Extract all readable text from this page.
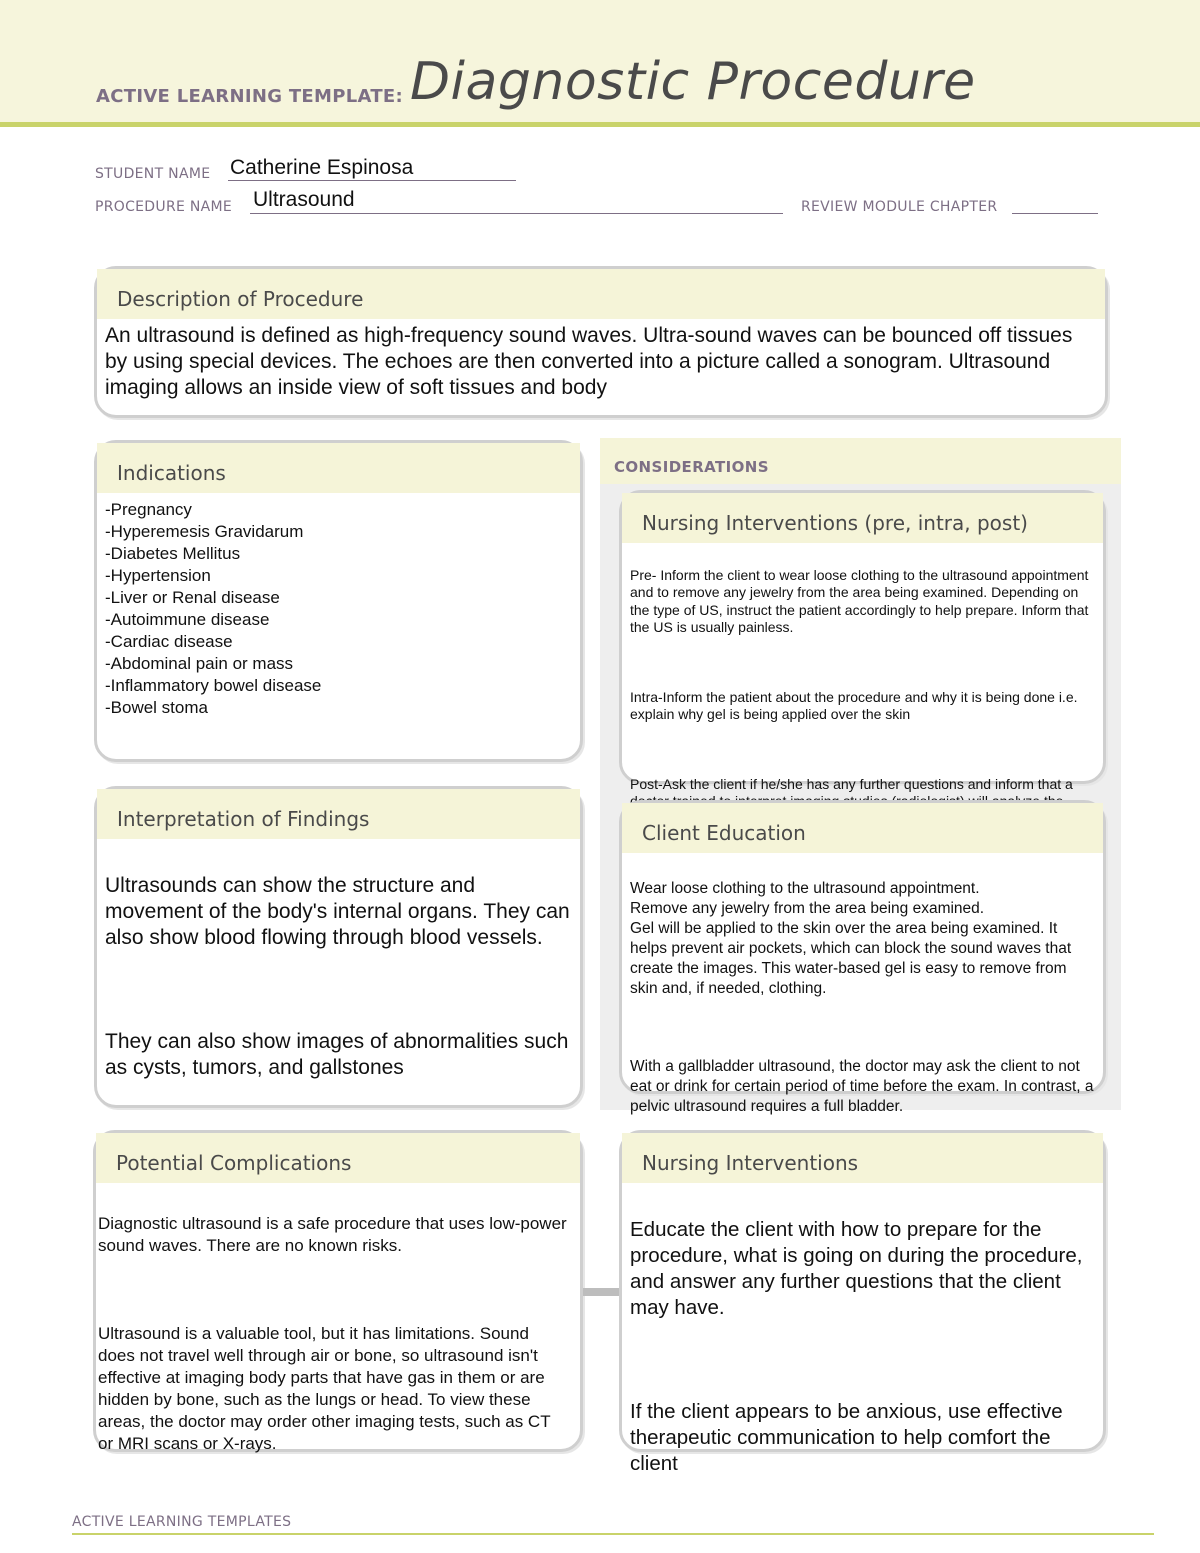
ACTIVE LEARNING TEMPLATE: Diagnostic Procedure
STUDENT NAME Catherine Espinosa
PROCEDURE NAME Ultrasound	REVIEW MODULE CHAPTER
Description of Procedure
An ultrasound is defined as high-frequency sound waves. Ultra-sound waves can be bounced off tissues by using special devices. The echoes are then converted into a picture called a sonogram. Ultrasound imaging allows an inside view of soft tissues and body
Indications
-Pregnancy
-Hyperemesis Gravidarum
-Diabetes Mellitus
-Hypertension
-Liver or Renal disease
-Autoimmune disease
-Cardiac disease
-Abdominal pain or mass
-Inflammatory bowel disease
-Bowel stoma
CONSIDERATIONS
Nursing Interventions (pre, intra, post)

Pre- Inform the client to wear loose clothing to the ultrasound appointment and to remove any jewelry from the area being examined. Depending on the type of US, instruct the patient accordingly to help prepare. Inform that the US is usually painless.

Intra-Inform the patient about the procedure and why it is being done i.e. explain why gel is being applied over the skin

Post-Ask the client if he/she has any further questions and inform that a

Interpretation of Findings

Ultrasounds can show the structure and movement of the body's internal organs. They can also show blood flowing through blood vessels.

They can also show images of abnormalities such as cysts, tumors, and gallstones

Client Education

Wear loose clothing to the ultrasound appointment.
Remove any jewelry from the area being examined.
Gel will be applied to the skin over the area being examined. It helps prevent air pockets, which can block the sound waves that create the images. This water-based gel is easy to remove from skin and, if needed, clothing.

With a gallbladder ultrasound, the doctor may ask the client to not eat or drink for certain period of time before the exam. In contrast, a pelvic ultrasound requires a full bladder.

Potential Complications

Diagnostic ultrasound is a safe procedure that uses low-power sound waves. There are no known risks.

Ultrasound is a valuable tool, but it has limitations. Sound does not travel well through air or bone, so ultrasound isn't effective at imaging body parts that have gas in them or are hidden by bone, such as the lungs or head. To view these areas, the doctor may order other imaging tests, such as CT or MRI scans or X-rays.

Nursing Interventions

Educate the client with how to prepare for the procedure, what is going on during the procedure, and answer any further questions that the client may have.

If the client appears to be anxious, use effective therapeutic communication to help comfort the client

ACTIVE LEARNING TEMPLATES
